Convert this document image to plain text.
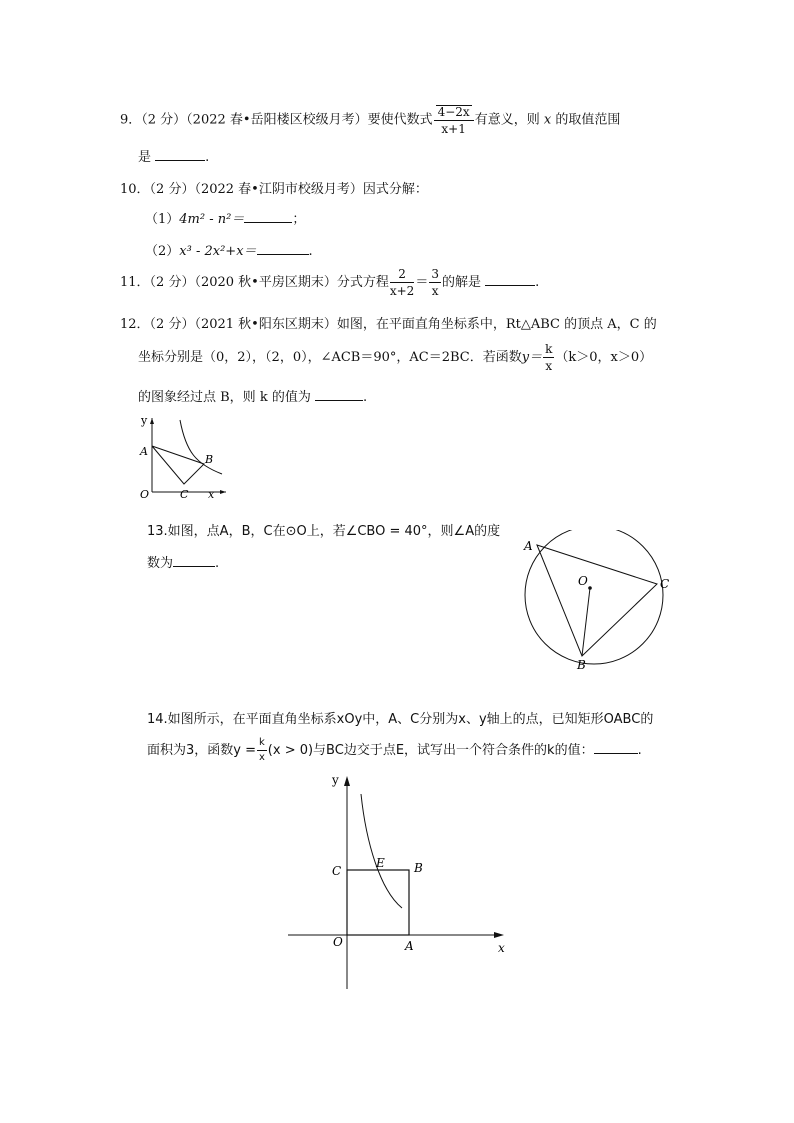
9．（2 分）（2022 春•岳阳楼区校级月考）要使代数式 $\frac{4-2x}{x+1}$ 有意义，则 x 的取值范围
是	.
10．（2 分）（2022 春•江阴市校级月考）因式分解：
（1）4m² - n²＝	；
（2）x³ - 2x²+x＝	.
11．（2 分）（2020 秋•平房区期末）分式方程 $\frac{2}{x+2} = \frac{3}{x}$ 的解是	.
12．（2 分）（2021 秋•阳东区期末）如图，在平面直角坐标系中，Rt△ABC 的顶点 A，C 的
坐标分别是（0，2），（2，0），∠ACB＝90°，AC＝2BC．若函数$y= \frac{k}{x} (k>0$，x＞0）
的图象经过点 B，则 k 的值为	.
y
A
B
O	C x
13.如图，点A，B，C在⊙O上，若∠CBO = 40°，则∠A的度
数为	.
A
O	C
B
14.如图所示，在平面直角坐标系xOy中，A、C分别为x、y轴上的点，已知矩形OABC的
面积为3，函数$y = \frac{k}{x} (x > 0)$与BC边交于点E，试写出一个符合条件的k的值：	.
y
C
E B
O	A	x
